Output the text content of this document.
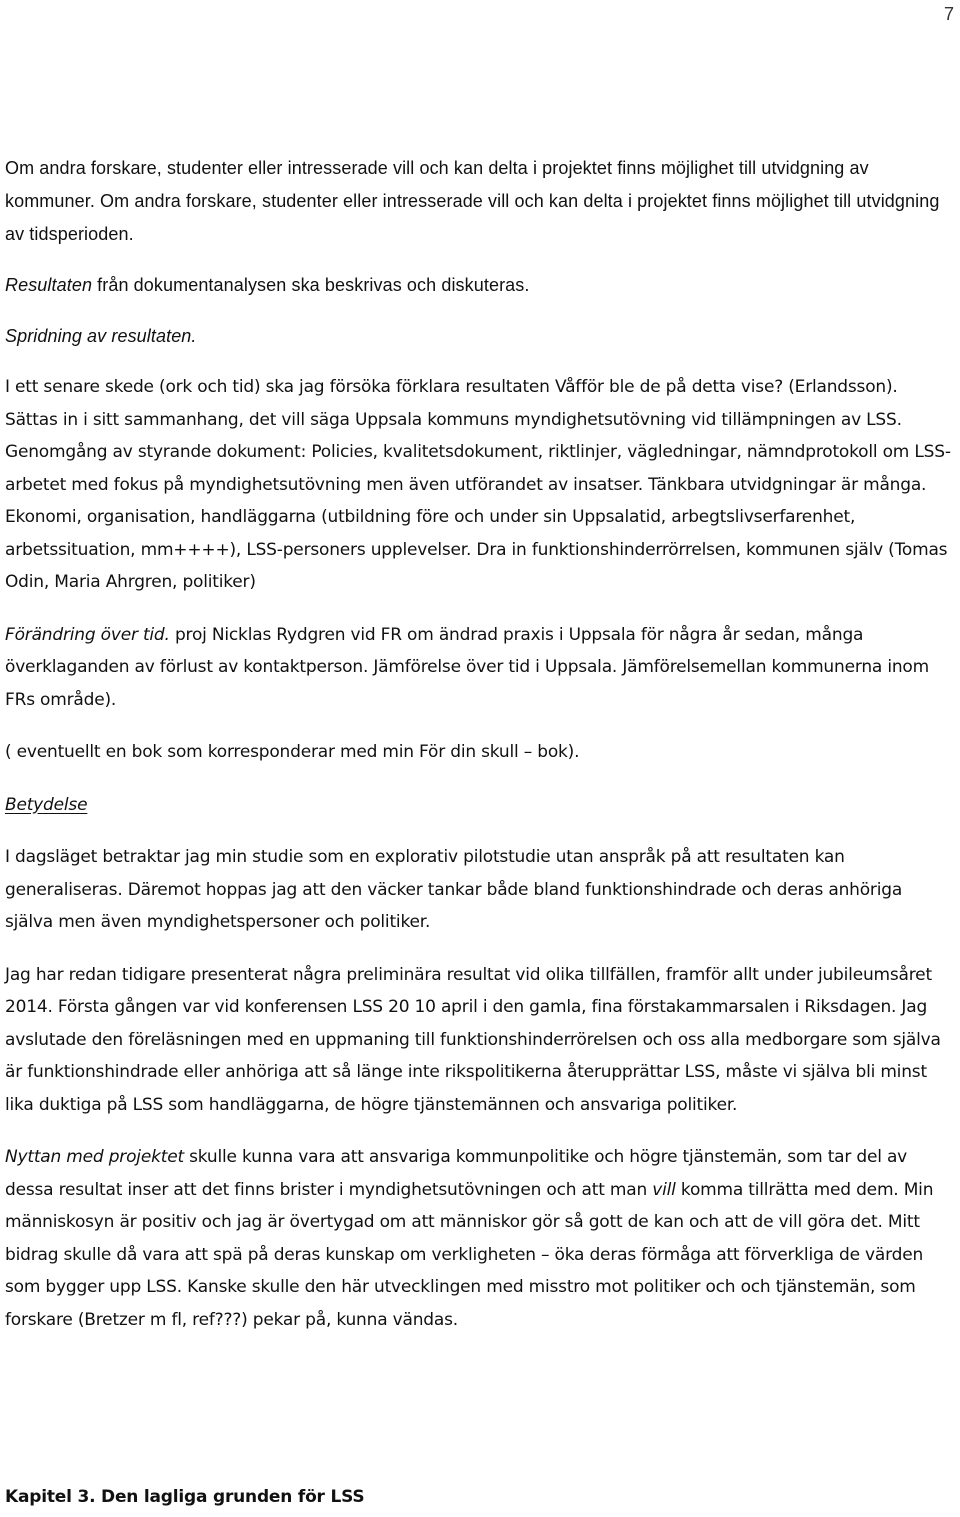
7

Om andra forskare, studenter eller intresserade vill och kan delta i projektet finns möjlighet till utvidgning av kommuner. Om andra forskare, studenter eller intresserade vill och kan delta i projektet finns möjlighet till utvidgning av tidsperioden.

Resultaten från dokumentanalysen ska beskrivas och diskuteras.

Spridning av resultaten.

I ett senare skede (ork och tid) ska jag försöka förklara resultaten Våfför ble de på detta vise? (Erlandsson). Sättas in i sitt sammanhang, det vill säga Uppsala kommuns myndighetsutövning vid tillämpningen av LSS. Genomgång av styrande dokument: Policies, kvalitetsdokument, riktlinjer, vägledningar, nämndprotokoll om LSS-arbetet med fokus på myndighetsutövning men även utförandet av insatser. Tänkbara utvidgningar är många. Ekonomi, organisation, handläggarna (utbildning före och under sin Uppsalatid, arbegtslivserfarenhet, arbetssituation, mm++++), LSS-personers upplevelser. Dra in funktionshinderrörrelsen, kommunen själv (Tomas Odin, Maria Ahrgren, politiker)

Förändring över tid. proj Nicklas Rydgren vid FR om ändrad praxis i Uppsala för några år sedan, många överklaganden av förlust av kontaktperson. Jämförelse över tid i Uppsala. Jämförelsemellan kommunerna inom FRs område).

( eventuellt en bok som korresponderar med min För din skull – bok).

Betydelse

I dagsläget betraktar jag min studie som en explorativ pilotstudie utan anspråk på att resultaten kan generaliseras. Däremot hoppas jag att den väcker tankar både bland funktionshindrade och deras anhöriga själva men även myndighetspersoner och politiker.

Jag har redan tidigare presenterat några preliminära resultat vid olika tillfällen, framför allt under jubileumsåret 2014. Första gången var vid konferensen LSS 20 10 april i den gamla, fina förstakammarsalen i Riksdagen. Jag avslutade den föreläsningen med en uppmaning till funktionshinderrörelsen och oss alla medborgare som själva är funktionshindrade eller anhöriga att så länge inte rikspolitikerna återupprättar LSS, måste vi själva bli minst lika duktiga på LSS som handläggarna, de högre tjänstemännen och ansvariga politiker.

Nyttan med projektet skulle kunna vara att ansvariga kommunpolitike och högre tjänstemän, som tar del av dessa resultat inser att det finns brister i myndighetsutövningen och att man vill komma tillrätta med dem. Min människosyn är positiv och jag är övertygad om att människor gör så gott de kan och att de vill göra det. Mitt bidrag skulle då vara att spä på deras kunskap om verkligheten – öka deras förmåga att förverkliga de värden som bygger upp LSS. Kanske skulle den här utvecklingen med misstro mot politiker och och tjänstemän, som forskare (Bretzer m fl, ref???) pekar på, kunna vändas.

Kapitel 3. Den lagliga grunden för LSS
